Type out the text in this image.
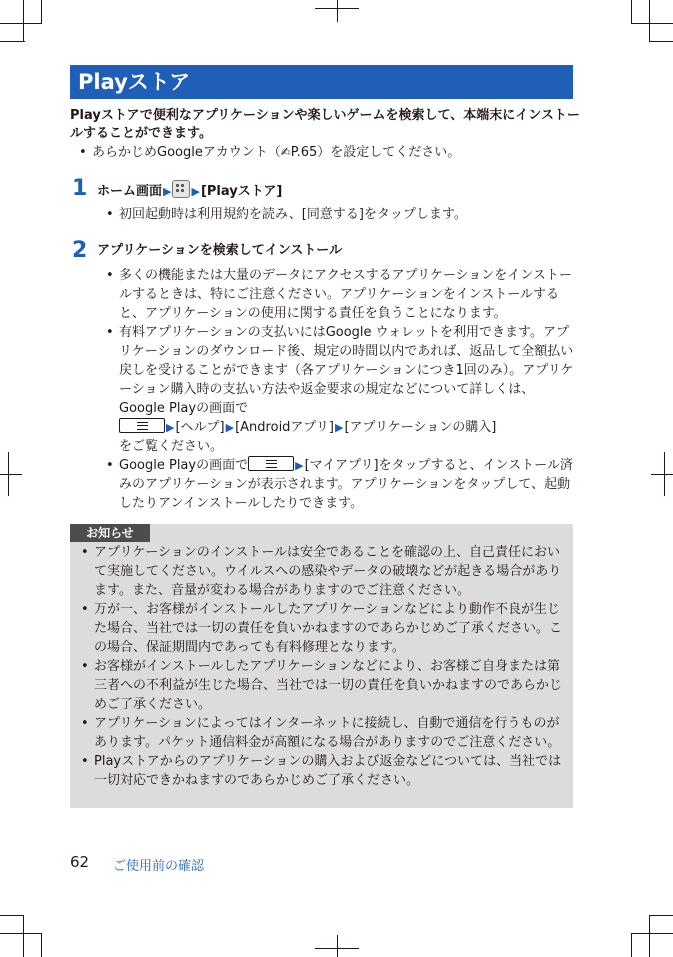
Playストア
Playストアで便利なアプリケーションや楽しいゲームを検索して、本端末にインストールすることができます。
• あらかじめGoogleアカウント（✍P.65）を設定してください。
1 ホーム画面▶ ▶[Playストア]
• 初回起動時は利用規約を読み、[同意する]をタップします。
2 アプリケーションを検索してインストール
• 多くの機能または大量のデータにアクセスするアプリケーションをインストールするときは、特にご注意ください。アプリケーションをインストールすると、アプリケーションの使用に関する責任を負うことになります。
• 有料アプリケーションの支払いにはGoogle ウォレットを利用できます。アプリケーションのダウンロード後、規定の時間以内であれば、返品して全額払い戻しを受けることができます（各アプリケーションにつき1回のみ）。アプリケーション購入時の支払い方法や返金要求の規定などについて詳しくは、Google Playの画面で
▶[ヘルプ]▶[Androidアプリ]▶[アプリケーションの購入]
をご覧ください。
• Google Playの画面で	▶[マイアプリ]をタップすると、インストール済みのアプリケーションが表示されます。アプリケーションをタップして、起動したりアンインストールしたりできます。
お知らせ
• アプリケーションのインストールは安全であることを確認の上、自己責任において実施してください。ウイルスへの感染やデータの破壊などが起きる場合があります。また、音量が変わる場合がありますのでご注意ください。
• 万が一、お客様がインストールしたアプリケーションなどにより動作不良が生じた場合、当社では一切の責任を負いかねますのであらかじめご了承ください。この場合、保証期間内であっても有料修理となります。
• お客様がインストールしたアプリケーションなどにより、お客様ご自身または第三者への不利益が生じた場合、当社では一切の責任を負いかねますのであらかじめご了承ください。
• アプリケーションによってはインターネットに接続し、自動で通信を行うものがあります。パケット通信料金が高額になる場合がありますのでご注意ください。
• Playストアからのアプリケーションの購入および返金などについては、当社では一切対応できかねますのであらかじめご了承ください。
62 ご使用前の確認
